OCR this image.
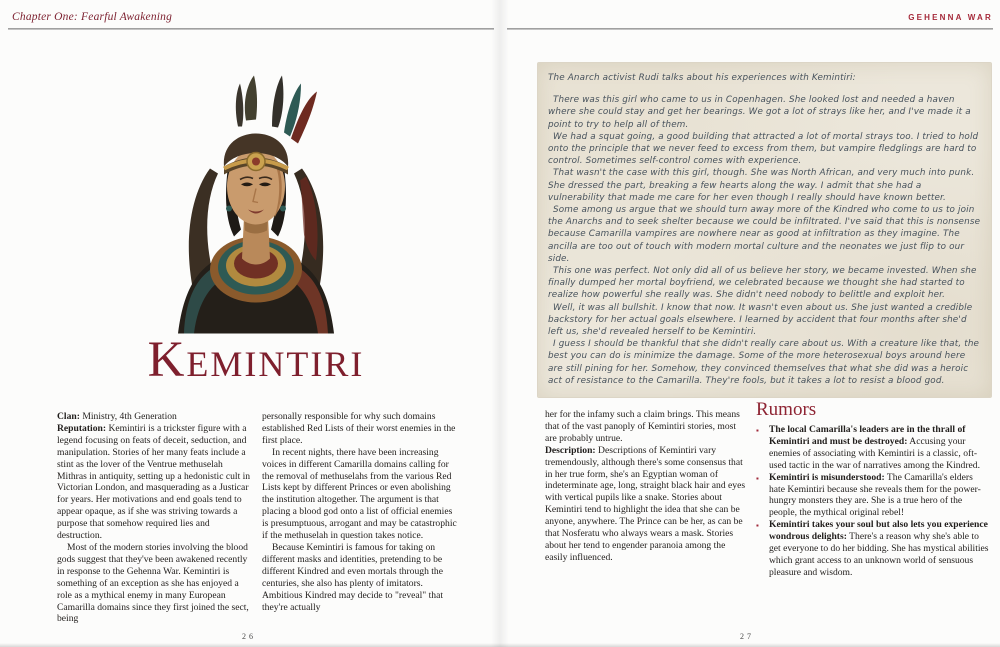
Chapter One: Fearful Awakening	GEHENNA WAR
Kemintiri

Clan: Ministry, 4th Generation

Reputation: Kemintiri is a trickster figure with a legend focusing on feats of deceit, seduction, and manipulation. Stories of her many feats include a stint as the lover of the Ventrue methuselah Mithras in antiquity, setting up a hedonistic cult in Victorian London, and masquerading as a Justicar for years. Her motivations and end goals tend to appear opaque, as if she was striving towards a purpose that somehow required lies and destruction.

Most of the modern stories involving the blood gods suggest that they've been awakened recently in response to the Gehenna War. Kemintiri is something of an exception as she has enjoyed a role as a mythical enemy in many European Camarilla domains since they first joined the sect, being

personally responsible for why such domains established Red Lists of their worst enemies in the first place.

In recent nights, there have been increasing voices in different Camarilla domains calling for the removal of methuselahs from the various Red Lists kept by different Princes or even abolishing the institution altogether. The argument is that placing a blood god onto a list of official enemies is presumptuous, arrogant and may be catastrophic if the methuselah in question takes notice.

Because Kemintiri is famous for taking on different masks and identities, pretending to be different Kindred and even mortals through the centuries, she also has plenty of imitators. Ambitious Kindred may decide to "reveal" that they're actually

The Anarch activist Rudi talks about his experiences with Kemintiri:

There was this girl who came to us in Copenhagen. She looked lost and needed a haven where she could stay and get her bearings. We got a lot of strays like her, and I've made it a point to try to help all of them.

We had a squat going, a good building that attracted a lot of mortal strays too. I tried to hold onto the principle that we never feed to excess from them, but vampire fledglings are hard to control. Sometimes self-control comes with experience.

That wasn't the case with this girl, though. She was North African, and very much into punk. She dressed the part, breaking a few hearts along the way. I admit that she had a vulnerability that made me care for her even though I really should have known better.

Some among us argue that we should turn away more of the Kindred who come to us to join the Anarchs and to seek shelter because we could be infiltrated. I've said that this is nonsense because Camarilla vampires are nowhere near as good at infiltration as they imagine. The ancilla are too out of touch with modern mortal culture and the neonates we just flip to our side.

This one was perfect. Not only did all of us believe her story, we became invested. When she finally dumped her mortal boyfriend, we celebrated because we thought she had started to realize how powerful she really was. She didn't need nobody to belittle and exploit her.

Well, it was all bullshit. I know that now. It wasn't even about us. She just wanted a credible backstory for her actual goals elsewhere. I learned by accident that four months after she'd left us, she'd revealed herself to be Kemintiri.

I guess I should be thankful that she didn't really care about us. With a creature like that, the best you can do is minimize the damage. Some of the more heterosexual boys around here are still pining for her. Somehow, they convinced themselves that what she did was a heroic act of resistance to the Camarilla. They're fools, but it takes a lot to resist a blood god.

her for the infamy such a claim brings. This means that of the vast panoply of Kemintiri stories, most are probably untrue.

Description: Descriptions of Kemintiri vary tremendously, although there's some consensus that in her true form, she's an Egyptian woman of indeterminate age, long, straight black hair and eyes with vertical pupils like a snake. Stories about Kemintiri tend to highlight the idea that she can be anyone, anywhere. The Prince can be her, as can be that Nosferatu who always wears a mask. Stories about her tend to engender paranoia among the easily influenced.

Rumors
▪ The local Camarilla's leaders are in the thrall of Kemintiri and must be destroyed: Accusing your enemies of associating with Kemintiri is a classic, oft-used tactic in the war of narratives among the Kindred.
▪ Kemintiri is misunderstood: The Camarilla's elders hate Kemintiri because she reveals them for the power-hungry monsters they are. She is a true hero of the people, the mythical original rebel!
▪ Kemintiri takes your soul but also lets you experience wondrous delights: There's a reason why she's able to get everyone to do her bidding. She has mystical abilities which grant access to an unknown world of sensuous pleasure and wisdom.
26	27
